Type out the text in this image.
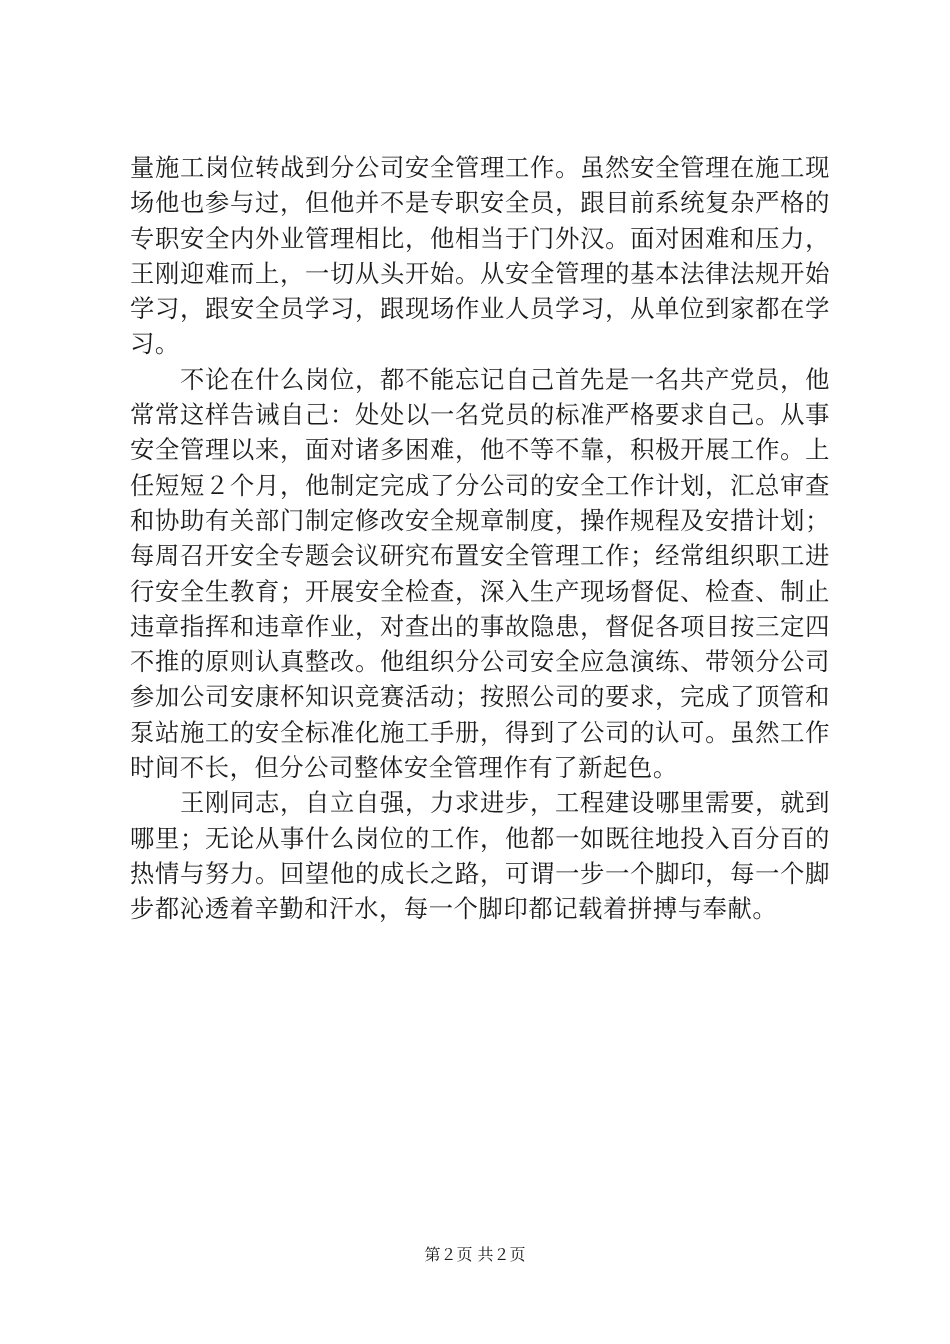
量施工岗位转战到分公司安全管理工作。虽然安全管理在施工现场他也参与过，但他并不是专职安全员，跟目前系统复杂严格的专职安全内外业管理相比，他相当于门外汉。面对困难和压力，王刚迎难而上，一切从头开始。从安全管理的基本法律法规开始学习，跟安全员学习，跟现场作业人员学习，从单位到家都在学习。

不论在什么岗位，都不能忘记自己首先是一名共产党员，他常常这样告诫自己：处处以一名党员的标准严格要求自己。从事安全管理以来，面对诸多困难，他不等不靠，积极开展工作。上任短短２个月，他制定完成了分公司的安全工作计划，汇总审查和协助有关部门制定修改安全规章制度，操作规程及安措计划；每周召开安全专题会议研究布置安全管理工作；经常组织职工进行安全生教育；开展安全检查，深入生产现场督促、检查、制止违章指挥和违章作业，对查出的事故隐患，督促各项目按三定四不推的原则认真整改。他组织分公司安全应急演练、带领分公司参加公司安康杯知识竞赛活动；按照公司的要求，完成了顶管和泵站施工的安全标准化施工手册，得到了公司的认可。虽然工作时间不长，但分公司整体安全管理作有了新起色。

王刚同志，自立自强，力求进步，工程建设哪里需要，就到哪里；无论从事什么岗位的工作，他都一如既往地投入百分百的热情与努力。回望他的成长之路，可谓一步一个脚印，每一个脚步都沁透着辛勤和汗水，每一个脚印都记载着拼搏与奉献。

第２页 共２页
